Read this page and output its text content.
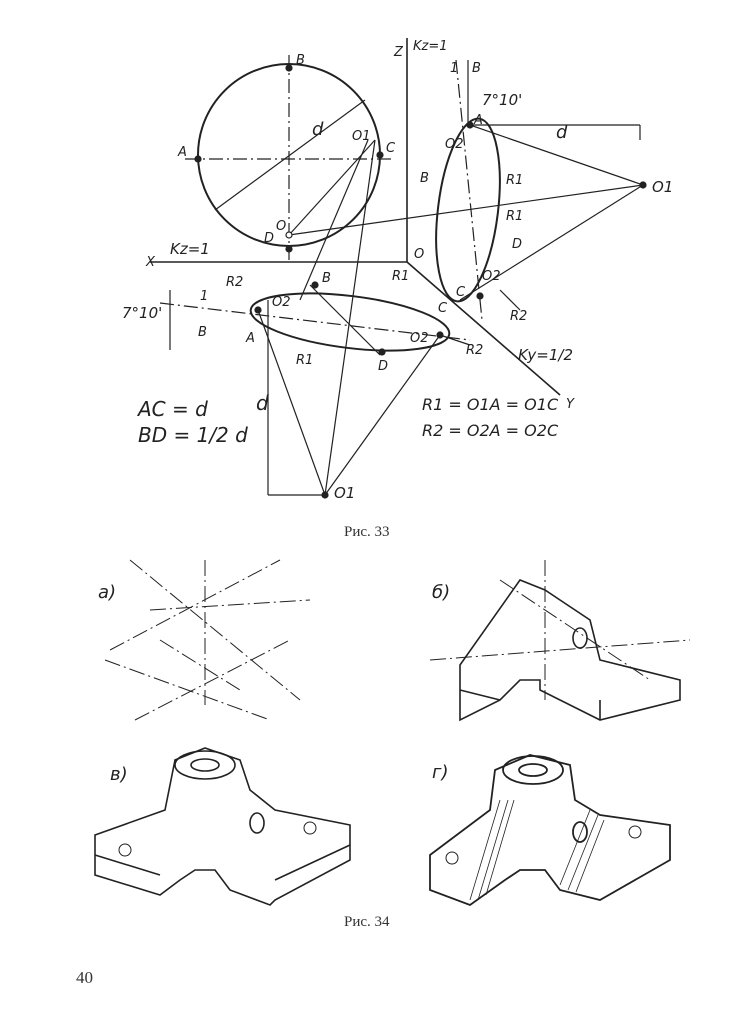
B
A	C
D
O
O1
d
Z Kz=1
1 B
7°10'
A
O2
d
O1
B	R1
R1
D
O2
C
R2
X
Kz=1	O
R2	B	R1
7°10'
1
B
O2
A
R1
C
O2
R2
D
Ky=1/2
Y
d
O1
AC = d
BD = 1/2 d
R1 = O1A = O1C
R2 = O2A = O2C
а)	б)
в)	г)
Рис. 33
Рис. 34
40
